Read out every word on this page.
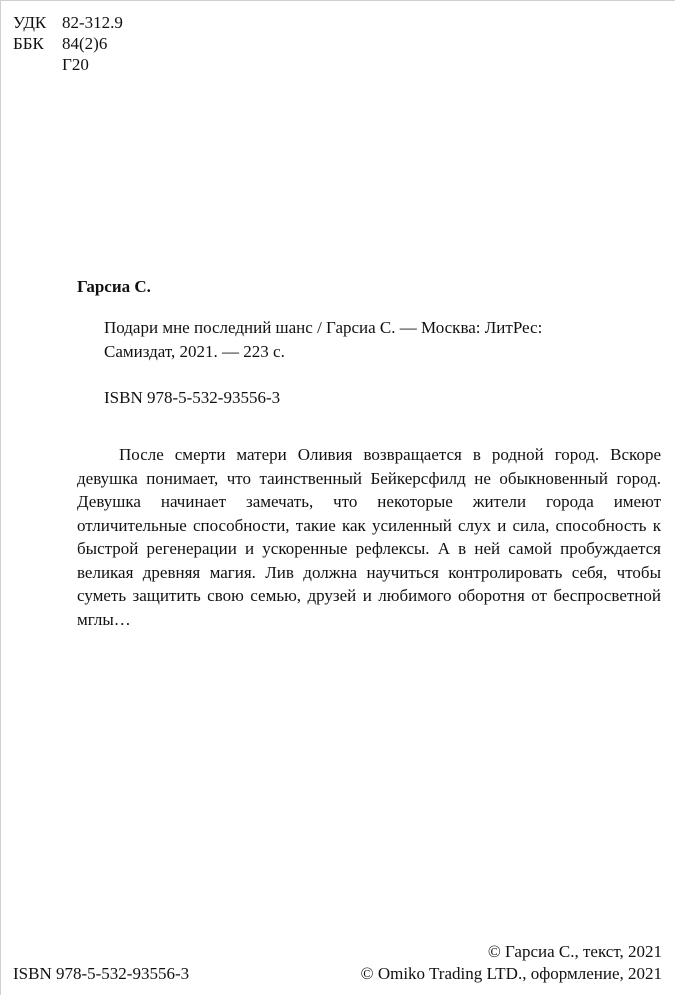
УДК 82-312.9
ББК	84(2)6
Г20
Гарсиа С.
Подари мне последний шанс / Гарсиа С. — Москва: ЛитРес:
Самиздат, 2021. — 223 с.
ISBN 978-5-532-93556-3
После смерти матери Оливия возвращается в родной город. Вскоре девушка понимает, что таинственный Бейкерсфилд не обыкновенный город. Девушка начинает замечать, что некоторые жители города имеют отличительные способности, такие как усиленный слух и сила, способность к быстрой регенерации и ускоренные рефлексы. А в ней самой пробуждается великая древняя магия. Лив должна научиться контролировать себя, чтобы суметь защитить свою семью, друзей и любимого оборотня от беспросветной мглы…
ISBN 978-5-532-93556-3
© Гарсиа С., текст, 2021
© Omiko Trading LTD., оформление, 2021
